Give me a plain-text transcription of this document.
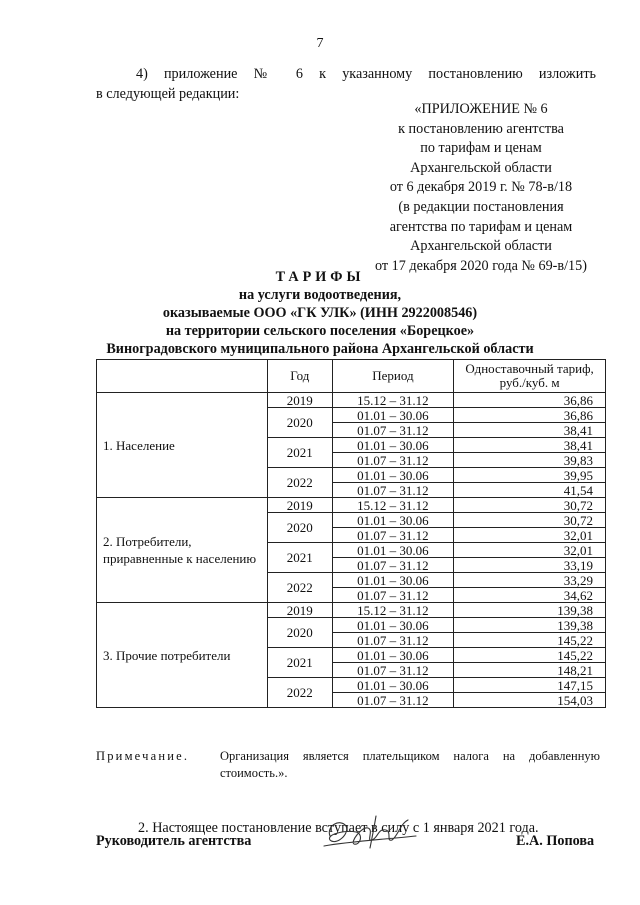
7
4) приложение № 6 к указанному постановлению изложить
в следующей редакции:
«ПРИЛОЖЕНИЕ № 6
к постановлению агентства
по тарифам и ценам
Архангельской области
от 6 декабря 2019 г. № 78-в/18
(в редакции постановления
агентства по тарифам и ценам
Архангельской области
от 17 декабря 2020 года № 69-в/15)
ТАРИФЫ
на услуги водоотведения,
оказываемые ООО «ГК УЛК» (ИНН 2922008546)
на территории сельского поселения «Борецкое»
Виноградовского муниципального района Архангельской области
	Год	Период	Одноставочный тариф, руб./куб. м
1. Население	2019	15.12 – 31.12	36,86
	2020	01.01 – 30.06	36,86
		01.07 – 31.12	38,41
	2021	01.01 – 30.06	38,41
		01.07 – 31.12	39,83
	2022	01.01 – 30.06	39,95
		01.07 – 31.12	41,54
2. Потребители, приравненные к населению	2019	15.12 – 31.12	30,72
	2020	01.01 – 30.06	30,72
		01.07 – 31.12	32,01
	2021	01.01 – 30.06	32,01
		01.07 – 31.12	33,19
	2022	01.01 – 30.06	33,29
		01.07 – 31.12	34,62
3. Прочие потребители	2019	15.12 – 31.12	139,38
	2020	01.01 – 30.06	139,38
		01.07 – 31.12	145,22
	2021	01.01 – 30.06	145,22
		01.07 – 31.12	148,21
	2022	01.01 – 30.06	147,15
		01.07 – 31.12	154,03
Примечание. Организация является плательщиком налога на добавленную стоимость.».
2. Настоящее постановление вступает в силу с 1 января 2021 года.
Руководитель агентства	Е.А. Попова
